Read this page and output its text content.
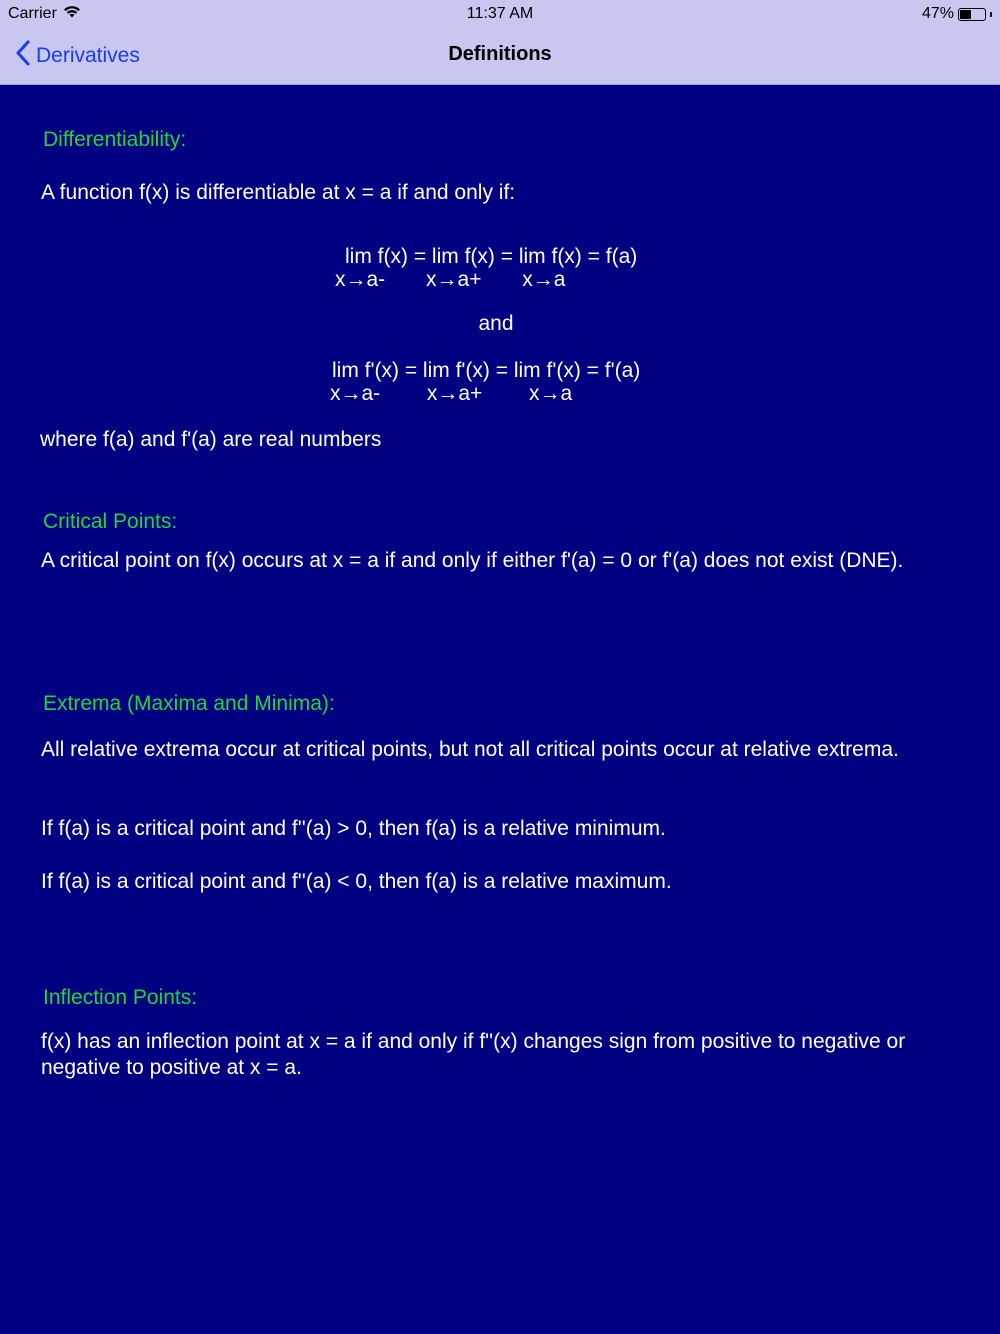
Carrier	11:37 AM	47%
Derivatives	Definitions
Differentiability:
A function f(x) is differentiable at x = a if and only if:
lim f(x) = lim f(x) = lim f(x) = f(a)
x→a-       x→a+       x→a
and
lim f'(x) = lim f'(x) = lim f'(x) = f'(a)
x→a-        x→a+        x→a
where f(a) and f'(a) are real numbers
Critical Points:
A critical point on f(x) occurs at x = a if and only if either f'(a) = 0 or f'(a) does not exist (DNE).
Extrema (Maxima and Minima):
All relative extrema occur at critical points, but not all critical points occur at relative extrema.
If f(a) is a critical point and f''(a) > 0, then f(a) is a relative minimum.
If f(a) is a critical point and f''(a) < 0, then f(a) is a relative maximum.
Inflection Points:
f(x) has an inflection point at x = a if and only if f''(x) changes sign from positive to negative or negative to positive at x = a.
